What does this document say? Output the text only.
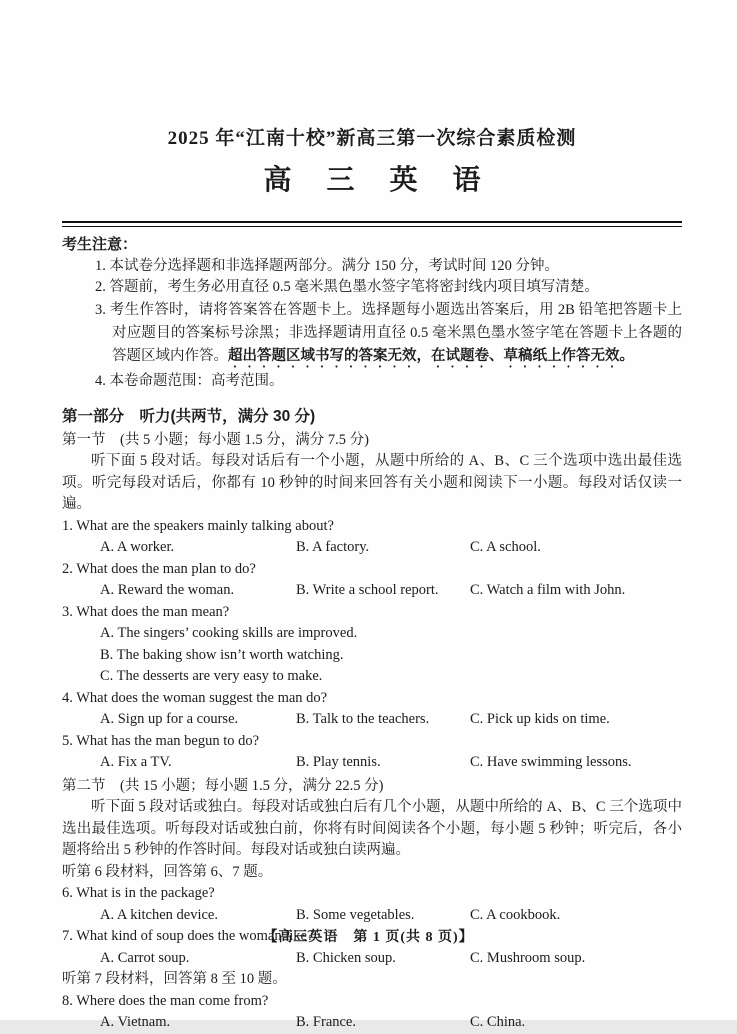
2025 年“江南十校”新高三第一次综合素质检测
高 三 英 语
考生注意：
1. 本试卷分选择题和非选择题两部分。满分 150 分，考试时间 120 分钟。
2. 答题前，考生务必用直径 0.5 毫米黑色墨水签字笔将密封线内项目填写清楚。
3. 考生作答时，请将答案答在答题卡上。选择题每小题选出答案后，用 2B 铅笔把答题卡上对应题目的答案标号涂黑；非选择题请用直径 0.5 毫米黑色墨水签字笔在答题卡上各题的答题区域内作答。超出答题区域书写的答案无效，在试题卷、草稿纸上作答无效。
4. 本卷命题范围：高考范围。
第一部分　听力(共两节，满分 30 分)
第一节　(共 5 小题；每小题 1.5 分，满分 7.5 分)
听下面 5 段对话。每段对话后有一个小题，从题中所给的 A、B、C 三个选项中选出最佳选项。听完每段对话后，你都有 10 秒钟的时间来回答有关小题和阅读下一小题。每段对话仅读一遍。
1. What are the speakers mainly talking about?
A. A worker.	B. A factory.	C. A school.
2. What does the man plan to do?
A. Reward the woman.	B. Write a school report.	C. Watch a film with John.
3. What does the man mean?
A. The singers’ cooking skills are improved.
B. The baking show isn’t worth watching.
C. The desserts are very easy to make.
4. What does the woman suggest the man do?
A. Sign up for a course.	B. Talk to the teachers.	C. Pick up kids on time.
5. What has the man begun to do?
A. Fix a TV.	B. Play tennis.	C. Have swimming lessons.
第二节　(共 15 小题；每小题 1.5 分，满分 22.5 分)
听下面 5 段对话或独白。每段对话或独白后有几个小题，从题中所给的 A、B、C 三个选项中选出最佳选项。听每段对话或独白前，你将有时间阅读各个小题，每小题 5 秒钟；听完后，各小题将给出 5 秒钟的作答时间。每段对话或独白读两遍。
听第 6 段材料，回答第 6、7 题。
6. What is in the package?
A. A kitchen device.	B. Some vegetables.	C. A cookbook.
7. What kind of soup does the woman like?
A. Carrot soup.	B. Chicken soup.	C. Mushroom soup.
听第 7 段材料，回答第 8 至 10 题。
8. Where does the man come from?
A. Vietnam.	B. France.	C. China.
【高三英语　第 1 页(共 8 页)】
